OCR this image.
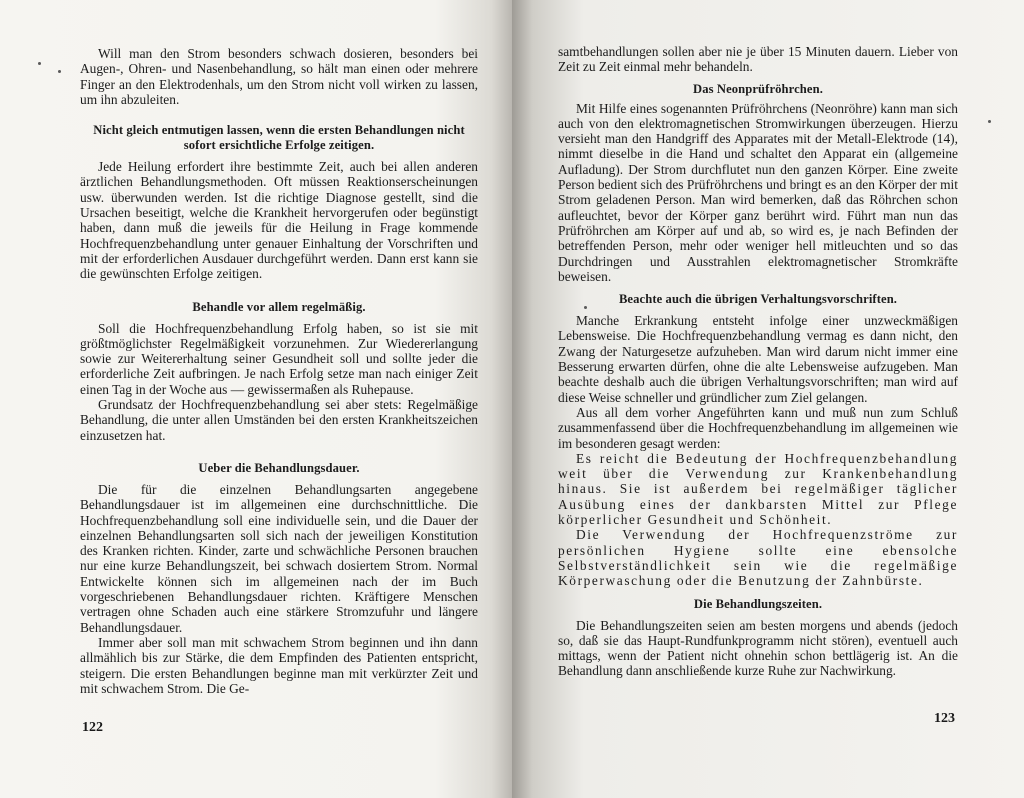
Will man den Strom besonders schwach dosieren, besonders bei Augen-, Ohren- und Nasenbehandlung, so hält man einen oder mehrere Finger an den Elektrodenhals, um den Strom nicht voll wirken zu lassen, um ihn abzuleiten.

Nicht gleich entmutigen lassen, wenn die ersten Behandlungen nicht sofort ersichtliche Erfolge zeitigen.

Jede Heilung erfordert ihre bestimmte Zeit, auch bei allen anderen ärztlichen Behandlungsmethoden. Oft müssen Reaktionserscheinungen usw. überwunden werden. Ist die richtige Diagnose gestellt, sind die Ursachen beseitigt, welche die Krankheit hervorgerufen oder begünstigt haben, dann muß die jeweils für die Heilung in Frage kommende Hochfrequenzbehandlung unter genauer Einhaltung der Vorschriften und mit der erforderlichen Ausdauer durchgeführt werden. Dann erst kann sie die gewünschten Erfolge zeitigen.

Behandle vor allem regelmäßig.

Soll die Hochfrequenzbehandlung Erfolg haben, so ist sie mit größtmöglichster Regelmäßigkeit vorzunehmen. Zur Wiedererlangung sowie zur Weitererhaltung seiner Gesundheit soll und sollte jeder die erforderliche Zeit aufbringen. Je nach Erfolg setze man nach einiger Zeit einen Tag in der Woche aus — gewissermaßen als Ruhepause.

Grundsatz der Hochfrequenzbehandlung sei aber stets: Regelmäßige Behandlung, die unter allen Umständen bei den ersten Krankheitszeichen einzusetzen hat.

Ueber die Behandlungsdauer.

Die für die einzelnen Behandlungsarten angegebene Behandlungsdauer ist im allgemeinen eine durchschnittliche. Die Hochfrequenzbehandlung soll eine individuelle sein, und die Dauer der einzelnen Behandlungsarten soll sich nach der jeweiligen Konstitution des Kranken richten. Kinder, zarte und schwächliche Personen brauchen nur eine kurze Behandlungszeit, bei schwach dosiertem Strom. Normal Entwickelte können sich im allgemeinen nach der im Buch vorgeschriebenen Behandlungsdauer richten. Kräftigere Menschen vertragen ohne Schaden auch eine stärkere Stromzufuhr und längere Behandlungsdauer.

Immer aber soll man mit schwachem Strom beginnen und ihn dann allmählich bis zur Stärke, die dem Empfinden des Patienten entspricht, steigern. Die ersten Behandlungen beginne man mit verkürzter Zeit und mit schwachem Strom. Die Ge-

122

samtbehandlungen sollen aber nie je über 15 Minuten dauern. Lieber von Zeit zu Zeit einmal mehr behandeln.

Das Neonprüfröhrchen.

Mit Hilfe eines sogenannten Prüfröhrchens (Neonröhre) kann man sich auch von den elektromagnetischen Stromwirkungen überzeugen. Hierzu versieht man den Handgriff des Apparates mit der Metall-Elektrode (14), nimmt dieselbe in die Hand und schaltet den Apparat ein (allgemeine Aufladung). Der Strom durchflutet nun den ganzen Körper. Eine zweite Person bedient sich des Prüfröhrchens und bringt es an den Körper der mit Strom geladenen Person. Man wird bemerken, daß das Röhrchen schon aufleuchtet, bevor der Körper ganz berührt wird. Führt man nun das Prüfröhrchen am Körper auf und ab, so wird es, je nach Befinden der betreffenden Person, mehr oder weniger hell mitleuchten und so das Durchdringen und Ausstrahlen elektromagnetischer Stromkräfte beweisen.

Beachte auch die übrigen Verhaltungsvorschriften.

Manche Erkrankung entsteht infolge einer unzweckmäßigen Lebensweise. Die Hochfrequenzbehandlung vermag es dann nicht, den Zwang der Naturgesetze aufzuheben. Man wird darum nicht immer eine Besserung erwarten dürfen, ohne die alte Lebensweise aufzugeben. Man beachte deshalb auch die übrigen Verhaltungsvorschriften; man wird auf diese Weise schneller und gründlicher zum Ziel gelangen.

Aus all dem vorher Angeführten kann und muß nun zum Schluß zusammenfassend über die Hochfrequenzbehandlung im allgemeinen wie im besonderen gesagt werden:

Es reicht die Bedeutung der Hochfrequenzbehandlung weit über die Verwendung zur Krankenbehandlung hinaus. Sie ist außerdem bei regelmäßiger täglicher Ausübung eines der dankbarsten Mittel zur Pflege körperlicher Gesundheit und Schönheit.

Die Verwendung der Hochfrequenzströme zur persönlichen Hygiene sollte eine ebensolche Selbstverständlichkeit sein wie die regelmäßige Körperwaschung oder die Benutzung der Zahnbürste.

Die Behandlungszeiten.

Die Behandlungszeiten seien am besten morgens und abends (jedoch so, daß sie das Haupt-Rundfunkprogramm nicht stören), eventuell auch mittags, wenn der Patient nicht ohnehin schon bettlägerig ist. An die Behandlung dann anschließende kurze Ruhe zur Nachwirkung.

123
